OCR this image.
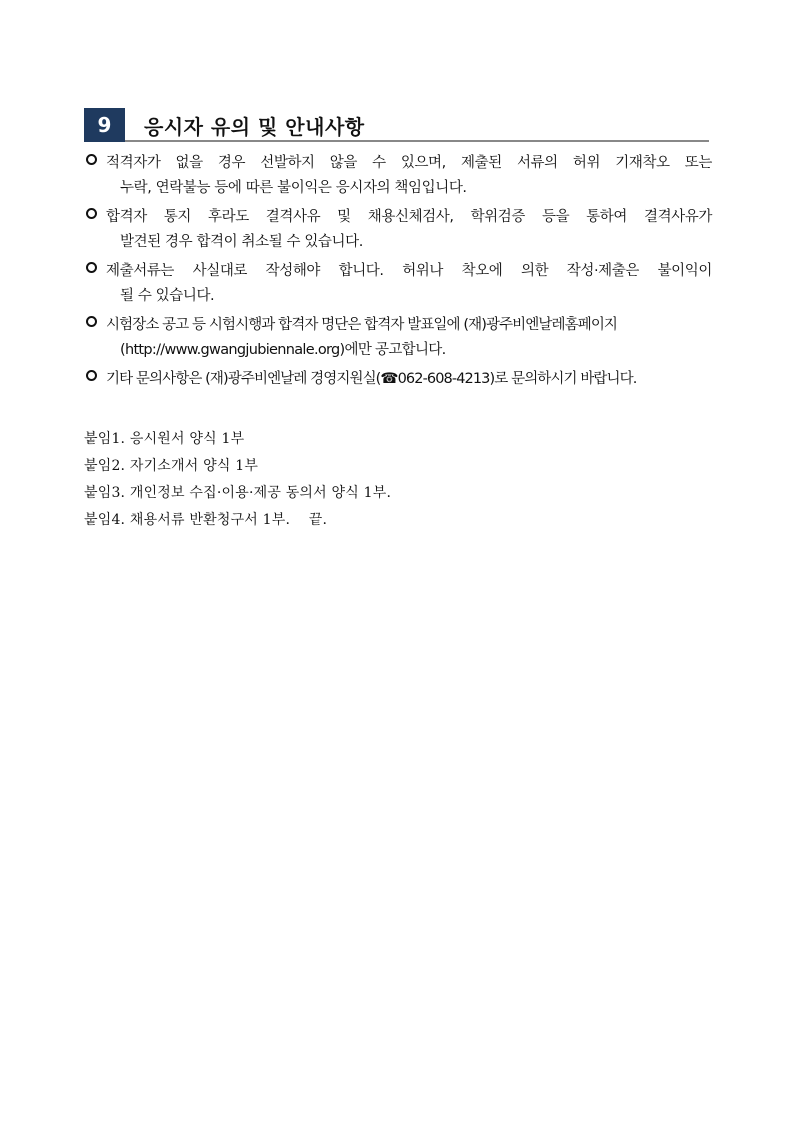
9	응시자 유의 및 안내사항
적격자가 없을 경우 선발하지 않을 수 있으며, 제출된 서류의 허위 기재착오 또는
누락, 연락불능 등에 따른 불이익은 응시자의 책임입니다.
합격자 통지 후라도 결격사유 및 채용신체검사, 학위검증 등을 통하여 결격사유가
발견된 경우 합격이 취소될 수 있습니다.
제출서류는 사실대로 작성해야 합니다. 허위나 착오에 의한 작성·제출은 불이익이
될 수 있습니다.
시험장소 공고 등 시험시행과 합격자 명단은 합격자 발표일에 (재)광주비엔날레홈페이지
(http://www.gwangjubiennale.org)에만 공고합니다.
기타 문의사항은 (재)광주비엔날레 경영지원실(☎062-608-4213)로 문의하시기 바랍니다.
붙임1. 응시원서 양식 1부
붙임2. 자기소개서 양식 1부
붙임3. 개인정보 수집·이용·제공 동의서 양식 1부.
붙임4. 채용서류 반환청구서 1부.    끝.
